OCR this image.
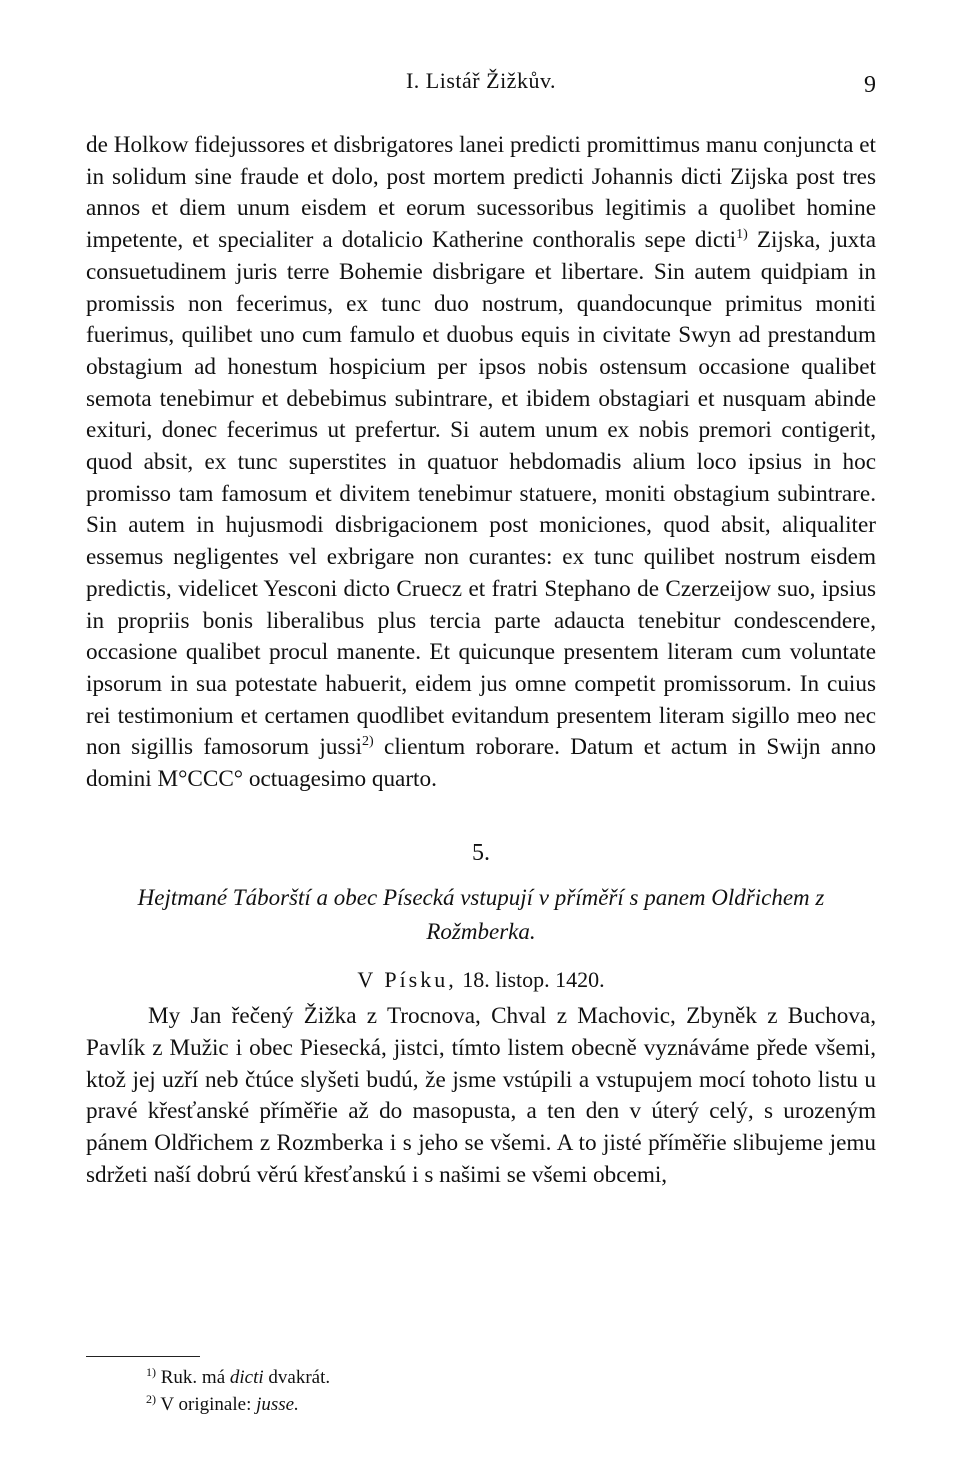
I. Listář Žižkův.	9

de Holkow fidejussores et disbrigatores lanei predicti promittimus manu conjuncta et in solidum sine fraude et dolo, post mortem predicti Johannis dicti Zijska post tres annos et diem unum eisdem et eorum sucessoribus legitimis a quolibet homine impetente, et specialiter a dotalicio Katherine conthoralis sepe dicti$^{1)}$ Zijska, juxta consuetudinem juris terre Bohemie disbrigare et libertare. Sin autem quidpiam in promissis non fecerimus, ex tunc duo nostrum, quandocunque primitus moniti fuerimus, quilibet uno cum famulo et duobus equis in civitate Swyn ad prestandum obstagium ad honestum hospicium per ipsos nobis ostensum occasione qualibet semota tenebimur et debebimus subintrare, et ibidem obstagiari et nusquam abinde exituri, donec fecerimus ut prefertur. Si autem unum ex nobis premori contigerit, quod absit, ex tunc superstites in quatuor hebdomadis alium loco ipsius in hoc promisso tam famosum et divitem tenebimur statuere, moniti obstagium subintrare. Sin autem in hujusmodi disbrigacionem post moniciones, quod absit, aliqualiter essemus negligentes vel exbrigare non curantes: ex tunc quilibet nostrum eisdem predictis, videlicet Yesconi dicto Cruecz et fratri Stephano de Czerzeijow suo, ipsius in propriis bonis liberalibus plus tercia parte adaucta tenebitur condescendere, occasione qualibet procul manente. Et quicunque presentem literam cum voluntate ipsorum in sua potestate habuerit, eidem jus omne competit promissorum. In cuius rei testimonium et certamen quodlibet evitandum presentem literam sigillo meo nec non sigillis famosorum jussi$^{2)}$ clientum roborare. Datum et actum in Swijn anno domini M°CCC° octuagesimo quarto.

5.
Hejtmané Táborští a obec Písecká vstupují v příměří s panem Oldřichem z Rožmberka.
V Písku, 18. listop. 1420.

My Jan řečený Žižka z Trocnova, Chval z Machovic, Zbyněk z Buchova, Pavlík z Mužic i obec Piesecká, jistci, tímto listem obecně vyznáváme přede všemi, ktož jej uzří neb čtúce slyšeti budú, že jsme vstúpili a vstupujem mocí tohoto listu u pravé křesťanské příměřie až do masopusta, a ten den v úterý celý, s urozeným pánem Oldřichem z Rozmberka i s jeho se všemi. A to jisté příměřie slibujeme jemu sdržeti naší dobrú věrú křesťanskú i s našimi se všemi obcemi,

$^{1)}$ Ruk. má dicti dvakrát.
$^{2)}$ V originale: jusse.
